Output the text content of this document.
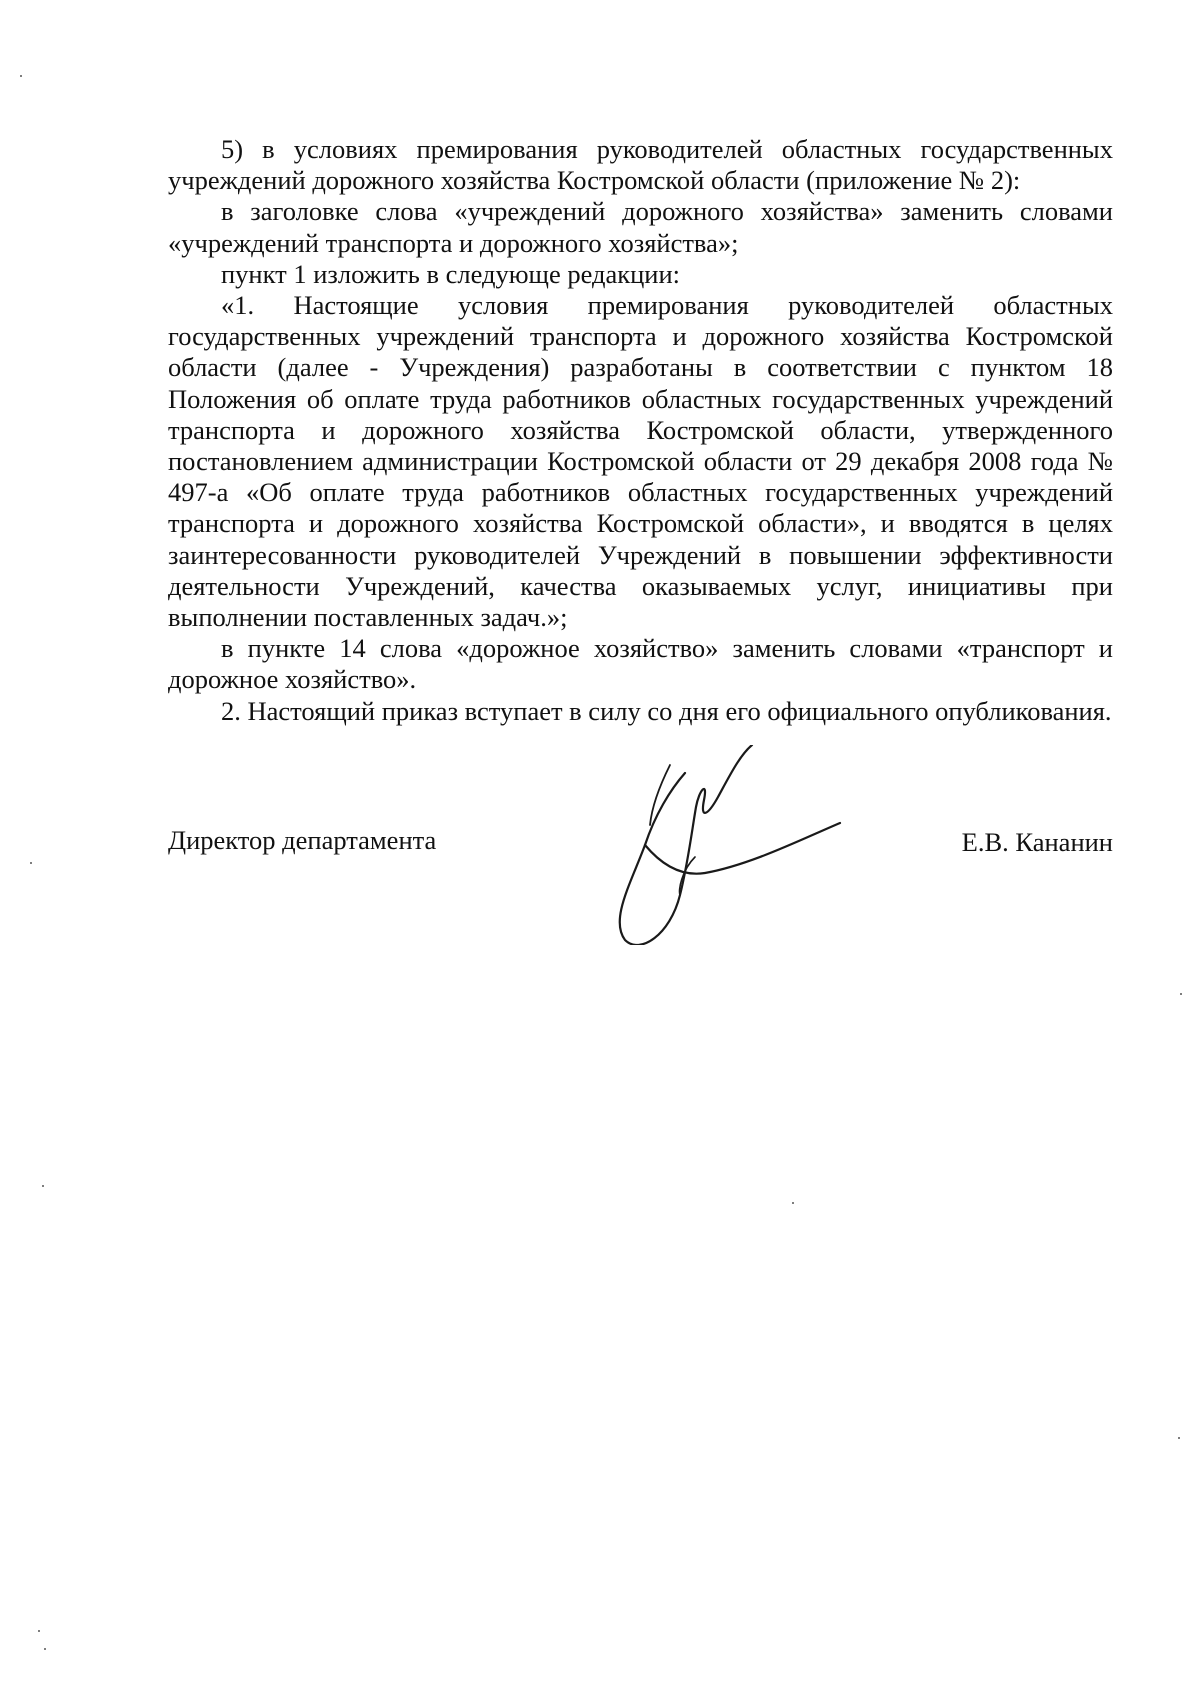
5) в условиях премирования руководителей областных государственных учреждений дорожного хозяйства Костромской области (приложение № 2):

в заголовке слова «учреждений дорожного хозяйства» заменить словами «учреждений транспорта и дорожного хозяйства»;

пункт 1 изложить в следующе редакции:

«1. Настоящие условия премирования руководителей областных государственных учреждений транспорта и дорожного хозяйства Костромской области (далее - Учреждения) разработаны в соответствии с пунктом 18 Положения об оплате труда работников областных государственных учреждений транспорта и дорожного хозяйства Костромской области, утвержденного постановлением администрации Костромской области от 29 декабря 2008 года № 497-а «Об оплате труда работников областных государственных учреждений транспорта и дорожного хозяйства Костромской области», и вводятся в целях заинтересованности руководителей Учреждений в повышении эффективности деятельности Учреждений, качества оказываемых услуг, инициативы при выполнении поставленных задач.»;

в пункте 14 слова «дорожное хозяйство» заменить словами «транспорт и дорожное хозяйство».

2. Настоящий приказ вступает в силу со дня его официального опубликования.

Директор департамента	Е.В. Кананин
